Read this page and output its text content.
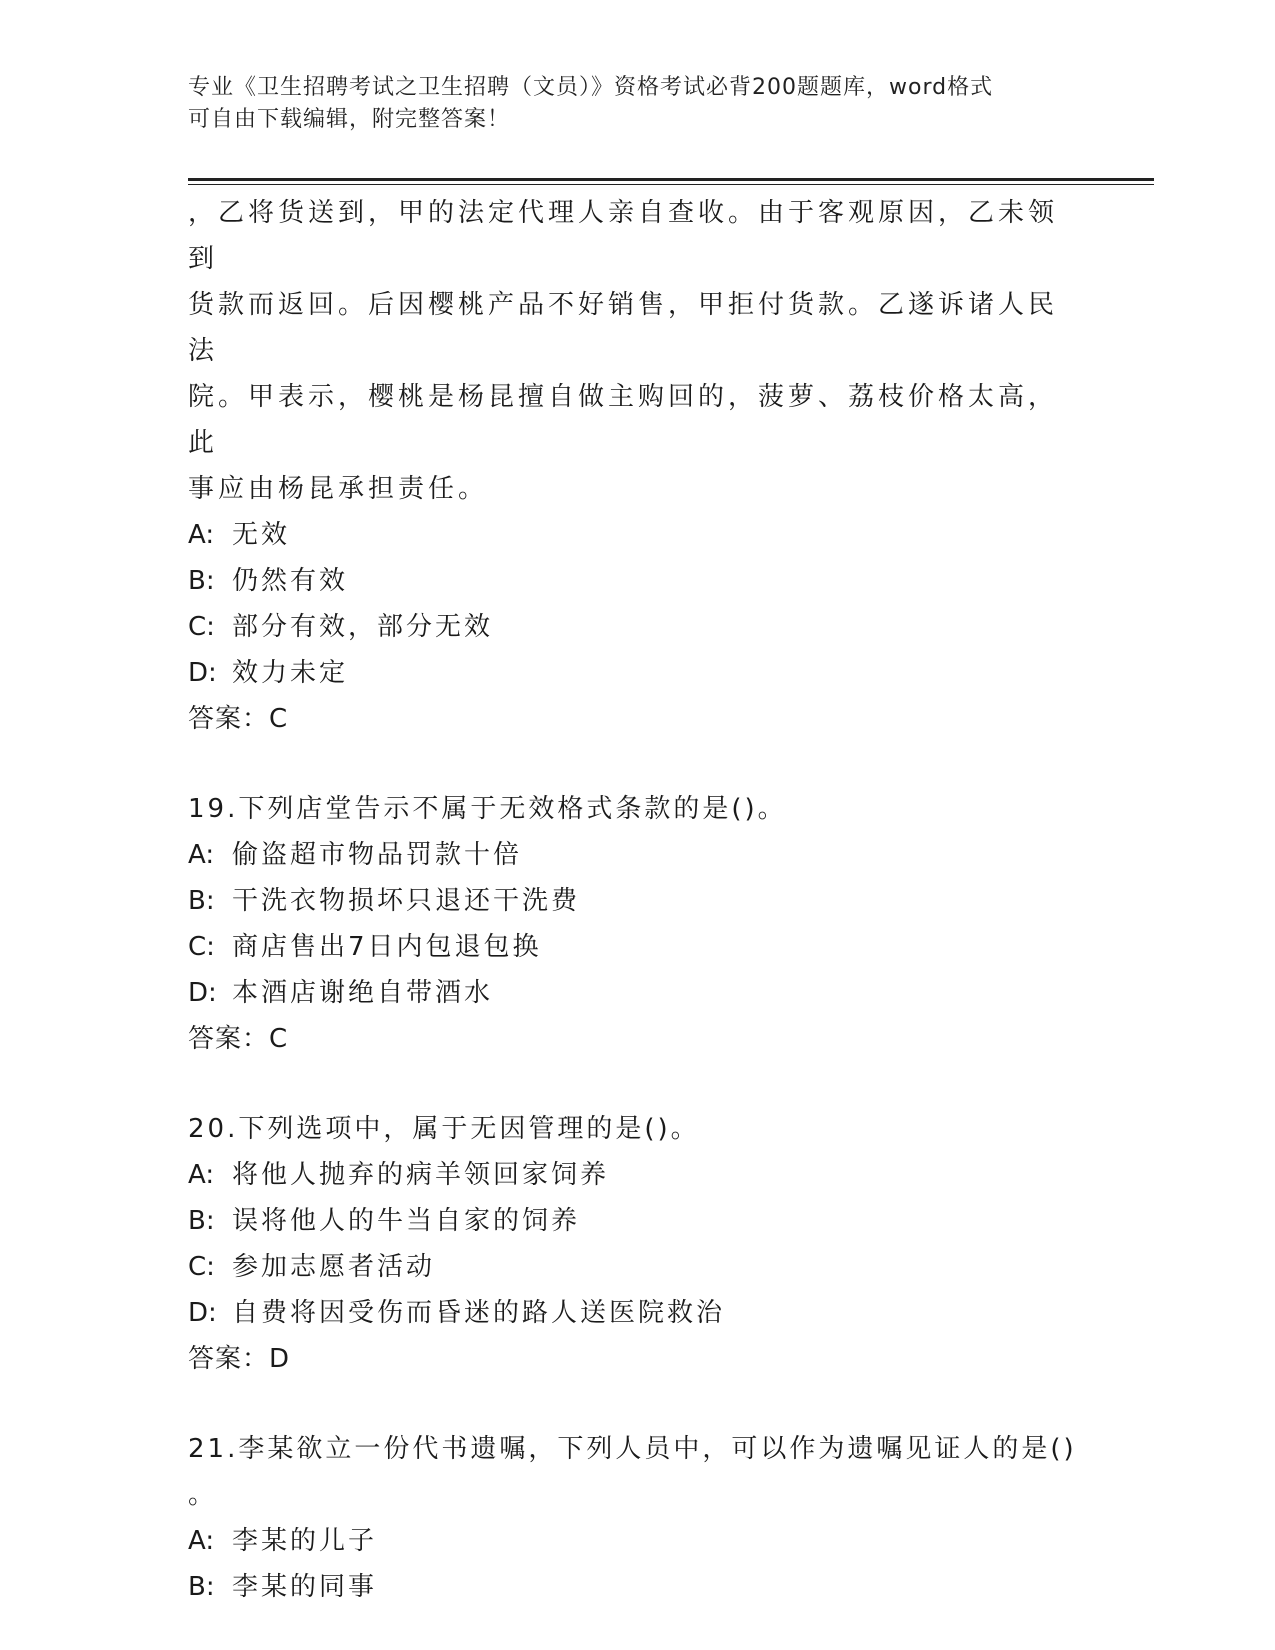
专业《卫生招聘考试之卫生招聘（文员）》资格考试必背200题题库，word格式
可自由下载编辑，附完整答案！

，乙将货送到，甲的法定代理人亲自查收。由于客观原因，乙未领到

货款而返回。后因樱桃产品不好销售，甲拒付货款。乙遂诉诸人民法

院。甲表示，樱桃是杨昆擅自做主购回的，菠萝、荔枝价格太高，此

事应由杨昆承担责任。

A: 无效

B: 仍然有效

C: 部分有效，部分无效

D: 效力未定

答案：C

19.下列店堂告示不属于无效格式条款的是()。

A: 偷盗超市物品罚款十倍

B: 干洗衣物损坏只退还干洗费

C: 商店售出7日内包退包换

D: 本酒店谢绝自带酒水

答案：C

20.下列选项中，属于无因管理的是()。

A: 将他人抛弃的病羊领回家饲养

B: 误将他人的牛当自家的饲养

C: 参加志愿者活动

D: 自费将因受伤而昏迷的路人送医院救治

答案：D

21.李某欲立一份代书遗嘱，下列人员中，可以作为遗嘱见证人的是()

。

A: 李某的儿子

B: 李某的同事
